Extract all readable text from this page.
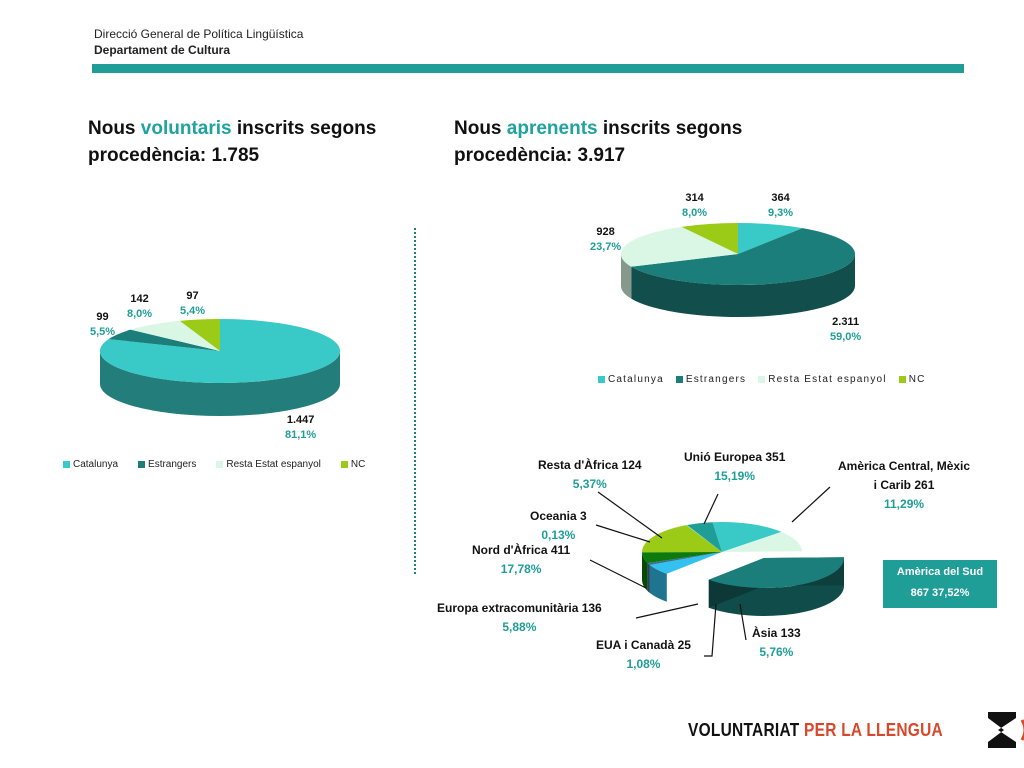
Direcció General de Política Lingüística
Departament de Cultura
Nous voluntaris inscrits segons
procedència: 1.785
Nous aprenents inscrits segons
procedència: 3.917
1.447
81,1%
99
5,5%
142
8,0%
97
5,4%
Catalunya	Estrangers	Resta Estat espanyol	NC
364
9,3%
2.311
59,0%
928
23,7%
314
8,0%
Catalunya Estrangers Resta Estat espanyol NC
Unió Europea 351
15,19%
Amèrica Central, Mèxic
i Carib 261
11,29%
Resta d'Àfrica 124
5,37%
Oceania 3
0,13%
Nord d'Àfrica 411
17,78%
Europa extracomunitària 136
5,88%
EUA i Canadà 25
1,08%
Àsia 133
5,76%
Amèrica del Sud
867 37,52%
VOLUNTARIAT PER LA LLENGUA
